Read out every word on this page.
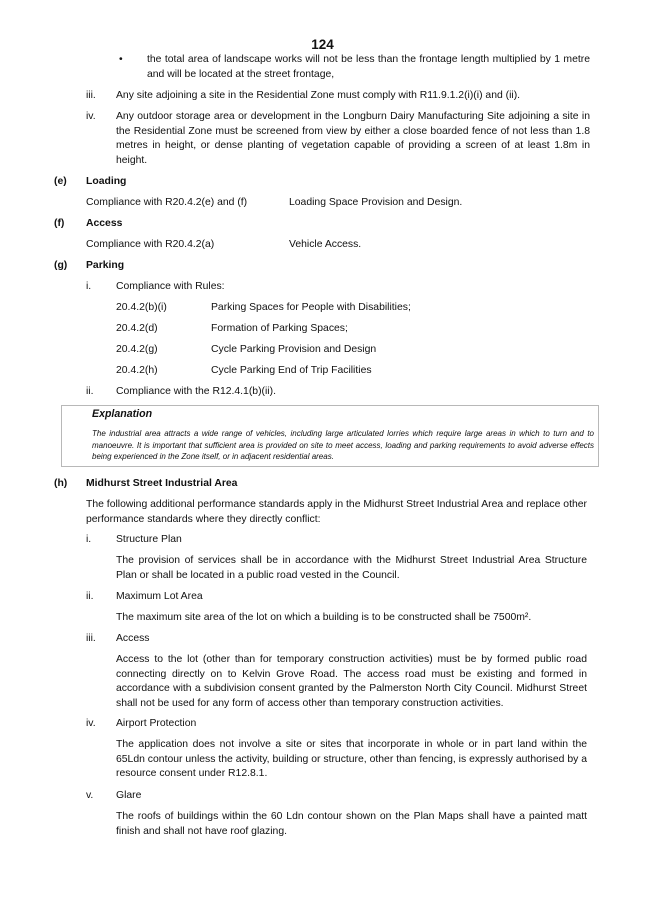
124
• the total area of landscape works will not be less than the frontage length multiplied by 1 metre and will be located at the street frontage,
iii. Any site adjoining a site in the Residential Zone must comply with R11.9.1.2(i)(i) and (ii).
iv. Any outdoor storage area or development in the Longburn Dairy Manufacturing Site adjoining a site in the Residential Zone must be screened from view by either a close boarded fence of not less than 1.8 metres in height, or dense planting of vegetation capable of providing a screen of at least 1.8m in height.
(e) Loading
Compliance with R20.4.2(e) and (f)	Loading Space Provision and Design.
(f) Access
Compliance with R20.4.2(a)	Vehicle Access.
(g) Parking
i. Compliance with Rules:
20.4.2(b)(i)	Parking Spaces for People with Disabilities;
20.4.2(d)	Formation of Parking Spaces;
20.4.2(g)	Cycle Parking Provision and Design
20.4.2(h)	Cycle Parking End of Trip Facilities
ii. Compliance with the R12.4.1(b)(ii).
Explanation
The industrial area attracts a wide range of vehicles, including large articulated lorries which require large areas in which to turn and to manoeuvre. It is important that sufficient area is provided on site to meet access, loading and parking requirements to avoid adverse effects being experienced in the Zone itself, or in adjacent residential areas.
(h) Midhurst Street Industrial Area
The following additional performance standards apply in the Midhurst Street Industrial Area and replace other performance standards where they directly conflict:
i. Structure Plan
The provision of services shall be in accordance with the Midhurst Street Industrial Area Structure Plan or shall be located in a public road vested in the Council.
ii. Maximum Lot Area
The maximum site area of the lot on which a building is to be constructed shall be 7500m².
iii. Access
Access to the lot (other than for temporary construction activities) must be by formed public road connecting directly on to Kelvin Grove Road. The access road must be existing and formed in accordance with a subdivision consent granted by the Palmerston North City Council. Midhurst Street shall not be used for any form of access other than temporary construction activities.
iv. Airport Protection
The application does not involve a site or sites that incorporate in whole or in part land within the 65Ldn contour unless the activity, building or structure, other than fencing, is expressly authorised by a resource consent under R12.8.1.
v. Glare
The roofs of buildings within the 60 Ldn contour shown on the Plan Maps shall have a painted matt finish and shall not have roof glazing.
